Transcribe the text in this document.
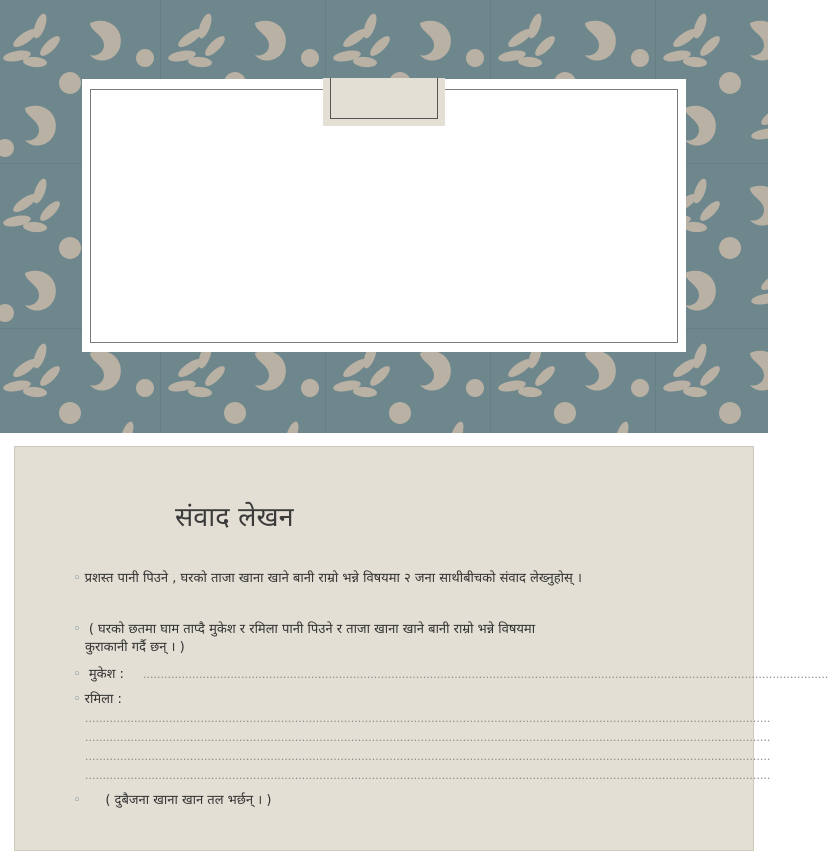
संवाद लेखन
◦ प्रशस्त पानी पिउने , घरको ताजा खाना खाने बानी राम्रो भन्ने विषयमा २ जना साथीबीचको संवाद लेख्नुहोस् ।
◦ ( घरको छतमा घाम ताप्दै मुकेश र रमिला पानी पिउने र ताजा खाना खाने बानी राम्रो भन्ने विषयमा
कुराकानी गर्दै छन् । )
◦ मुकेश : ....................................................................................................................................................................................................
◦ रमिला :
....................................................................................................................................................................................................
....................................................................................................................................................................................................
....................................................................................................................................................................................................
....................................................................................................................................................................................................
◦ ( दुबैजना खाना खान तल भर्छन् । )
